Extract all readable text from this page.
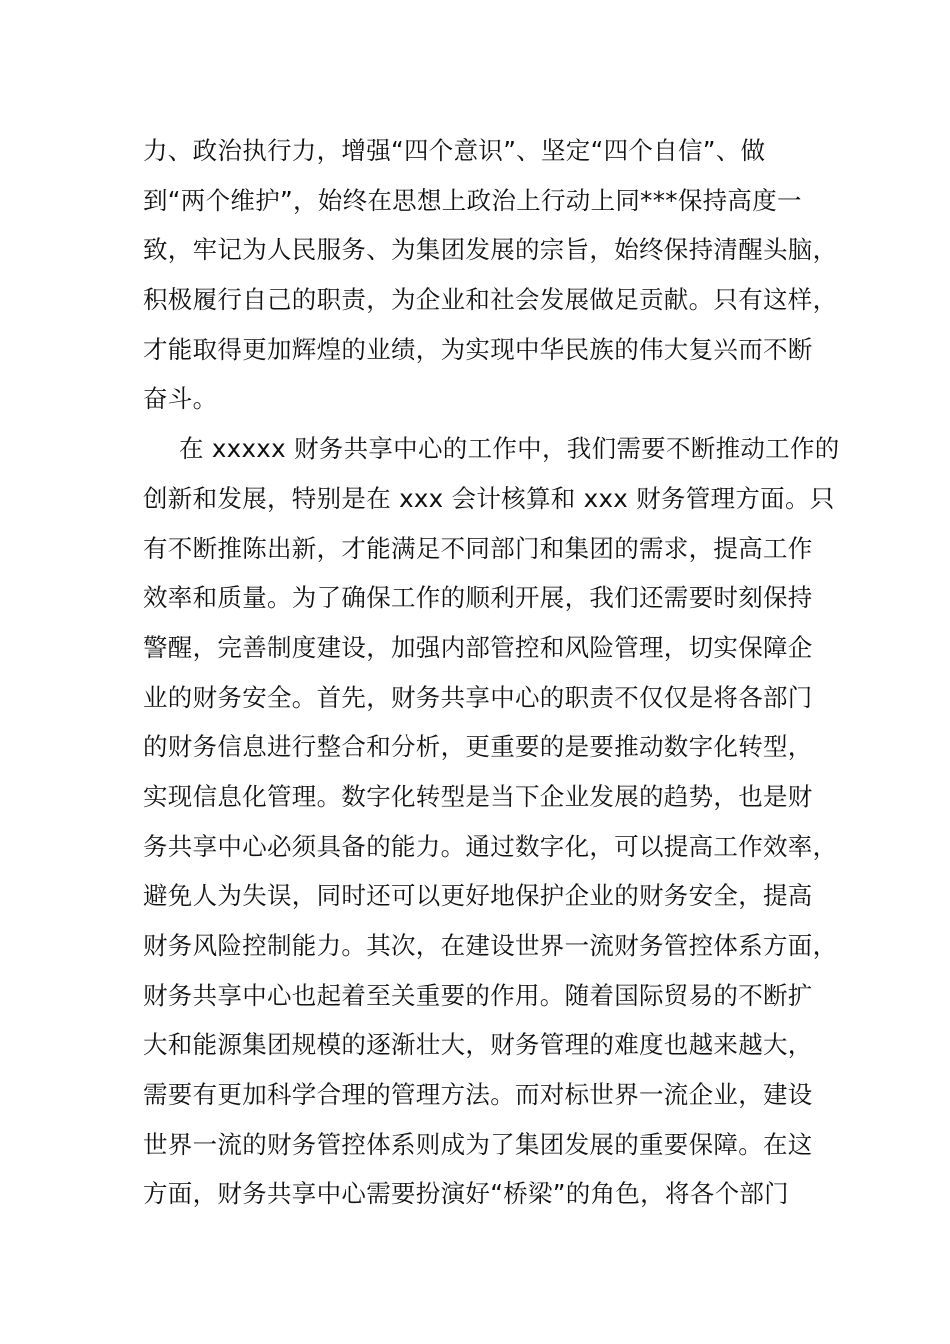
力、政治执行力，增强“四个意识”、坚定“四个自信”、做
到“两个维护”，始终在思想上政治上行动上同***保持高度一
致，牢记为人民服务、为集团发展的宗旨，始终保持清醒头脑，
积极履行自己的职责，为企业和社会发展做足贡献。只有这样，
才能取得更加辉煌的业绩，为实现中华民族的伟大复兴而不断
奋斗。
在 xxxxx 财务共享中心的工作中，我们需要不断推动工作的
创新和发展，特别是在 xxx 会计核算和 xxx 财务管理方面。只
有不断推陈出新，才能满足不同部门和集团的需求，提高工作
效率和质量。为了确保工作的顺利开展，我们还需要时刻保持
警醒，完善制度建设，加强内部管控和风险管理，切实保障企
业的财务安全。首先，财务共享中心的职责不仅仅是将各部门
的财务信息进行整合和分析，更重要的是要推动数字化转型，
实现信息化管理。数字化转型是当下企业发展的趋势，也是财
务共享中心必须具备的能力。通过数字化，可以提高工作效率，
避免人为失误，同时还可以更好地保护企业的财务安全，提高
财务风险控制能力。其次，在建设世界一流财务管控体系方面，
财务共享中心也起着至关重要的作用。随着国际贸易的不断扩
大和能源集团规模的逐渐壮大，财务管理的难度也越来越大，
需要有更加科学合理的管理方法。而对标世界一流企业，建设
世界一流的财务管控体系则成为了集团发展的重要保障。在这
方面，财务共享中心需要扮演好“桥梁”的角色，将各个部门
